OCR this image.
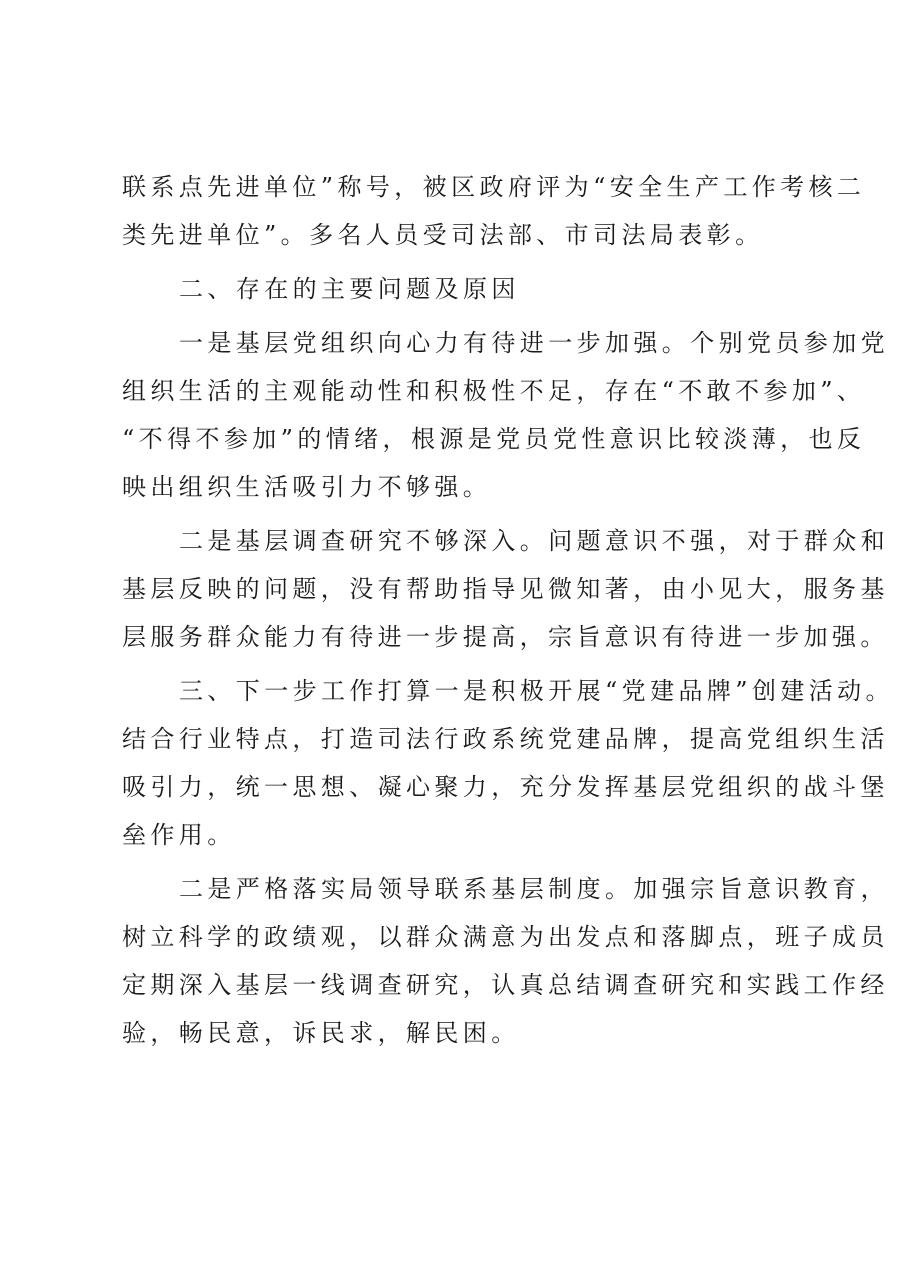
联系点先进单位”称号，被区政府评为“安全生产工作考核二
类先进单位”。多名人员受司法部、市司法局表彰。
二、存在的主要问题及原因
一是基层党组织向心力有待进一步加强。个别党员参加党
组织生活的主观能动性和积极性不足，存在“不敢不参加”、
“不得不参加”的情绪，根源是党员党性意识比较淡薄，也反
映出组织生活吸引力不够强。
二是基层调查研究不够深入。问题意识不强，对于群众和
基层反映的问题，没有帮助指导见微知著，由小见大，服务基
层服务群众能力有待进一步提高，宗旨意识有待进一步加强。
三、下一步工作打算一是积极开展“党建品牌”创建活动。
结合行业特点，打造司法行政系统党建品牌，提高党组织生活
吸引力，统一思想、凝心聚力，充分发挥基层党组织的战斗堡
垒作用。
二是严格落实局领导联系基层制度。加强宗旨意识教育，
树立科学的政绩观，以群众满意为出发点和落脚点，班子成员
定期深入基层一线调查研究，认真总结调查研究和实践工作经
验，畅民意，诉民求，解民困。
